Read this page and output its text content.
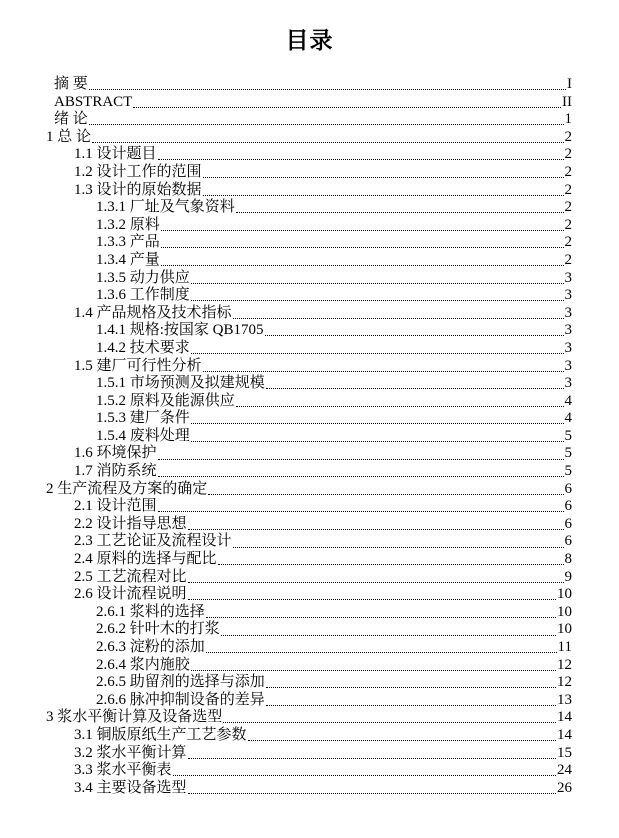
目录
摘 要	I
ABSTRACT	II
绪 论	1
1 总 论	2
1.1 设计题目	2
1.2 设计工作的范围	2
1.3 设计的原始数据	2
1.3.1 厂址及气象资料	2
1.3.2 原料	2
1.3.3 产品	2
1.3.4 产量	2
1.3.5 动力供应	3
1.3.6 工作制度	3
1.4 产品规格及技术指标	3
1.4.1 规格:按国家 QB1705	3
1.4.2 技术要求	3
1.5 建厂可行性分析	3
1.5.1 市场预测及拟建规模	3
1.5.2 原料及能源供应	4
1.5.3 建厂条件	4
1.5.4 废料处理	5
1.6 环境保护	5
1.7 消防系统	5
2 生产流程及方案的确定	6
2.1 设计范围	6
2.2 设计指导思想	6
2.3 工艺论证及流程设计	6
2.4 原料的选择与配比	8
2.5 工艺流程对比	9
2.6 设计流程说明	10
2.6.1 浆料的选择	10
2.6.2 针叶木的打浆	10
2.6.3 淀粉的添加	11
2.6.4 浆内施胶	12
2.6.5 助留剂的选择与添加	12
2.6.6 脉冲抑制设备的差异	13
3 浆水平衡计算及设备选型	14
3.1 铜版原纸生产工艺参数	14
3.2 浆水平衡计算	15
3.3 浆水平衡表	24
3.4 主要设备选型	26
